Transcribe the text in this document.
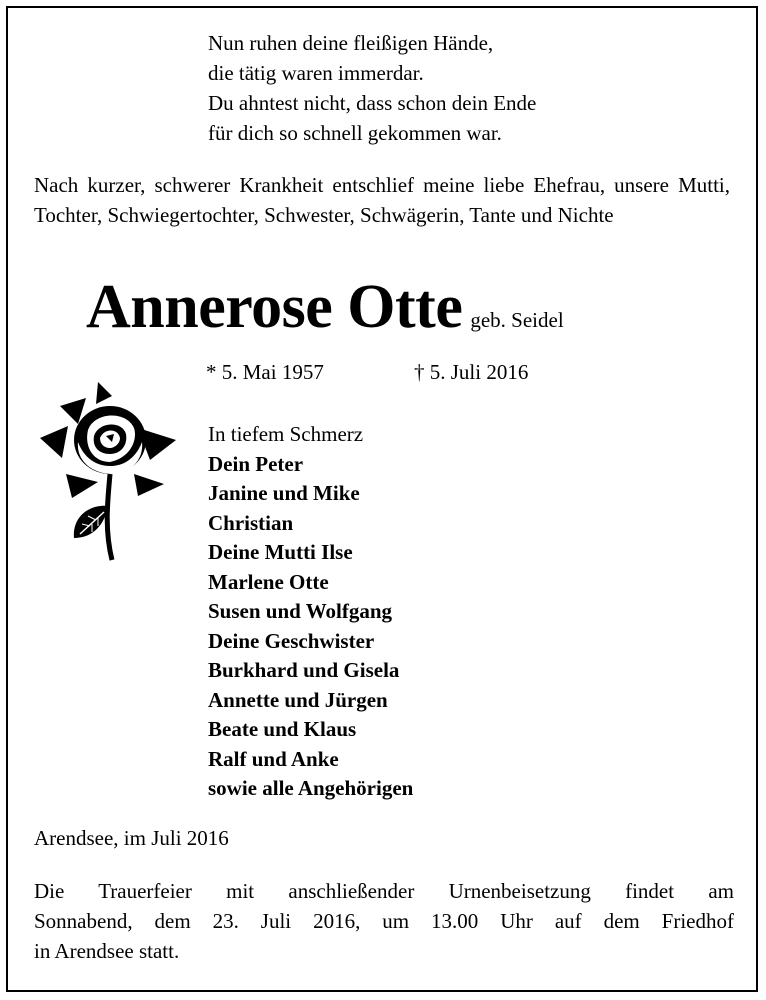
Nun ruhen deine fleißigen Hände,
die tätig waren immerdar.
Du ahntest nicht, dass schon dein Ende
für dich so schnell gekommen war.
Nach kurzer, schwerer Krankheit entschlief meine liebe Ehefrau, unsere Mutti, Tochter, Schwiegertochter, Schwester, Schwägerin, Tante und Nichte
Annerose Otte geb. Seidel
* 5. Mai 1957	† 5. Juli 2016
In tiefem Schmerz
Dein Peter
Janine und Mike
Christian
Deine Mutti Ilse
Marlene Otte
Susen und Wolfgang
Deine Geschwister
Burkhard und Gisela
Annette und Jürgen
Beate und Klaus
Ralf und Anke
sowie alle Angehörigen
Arendsee, im Juli 2016
Die Trauerfeier mit anschließender Urnenbeisetzung findet am
Sonnabend, dem 23. Juli 2016, um 13.00 Uhr auf dem Friedhof
in Arendsee statt.
